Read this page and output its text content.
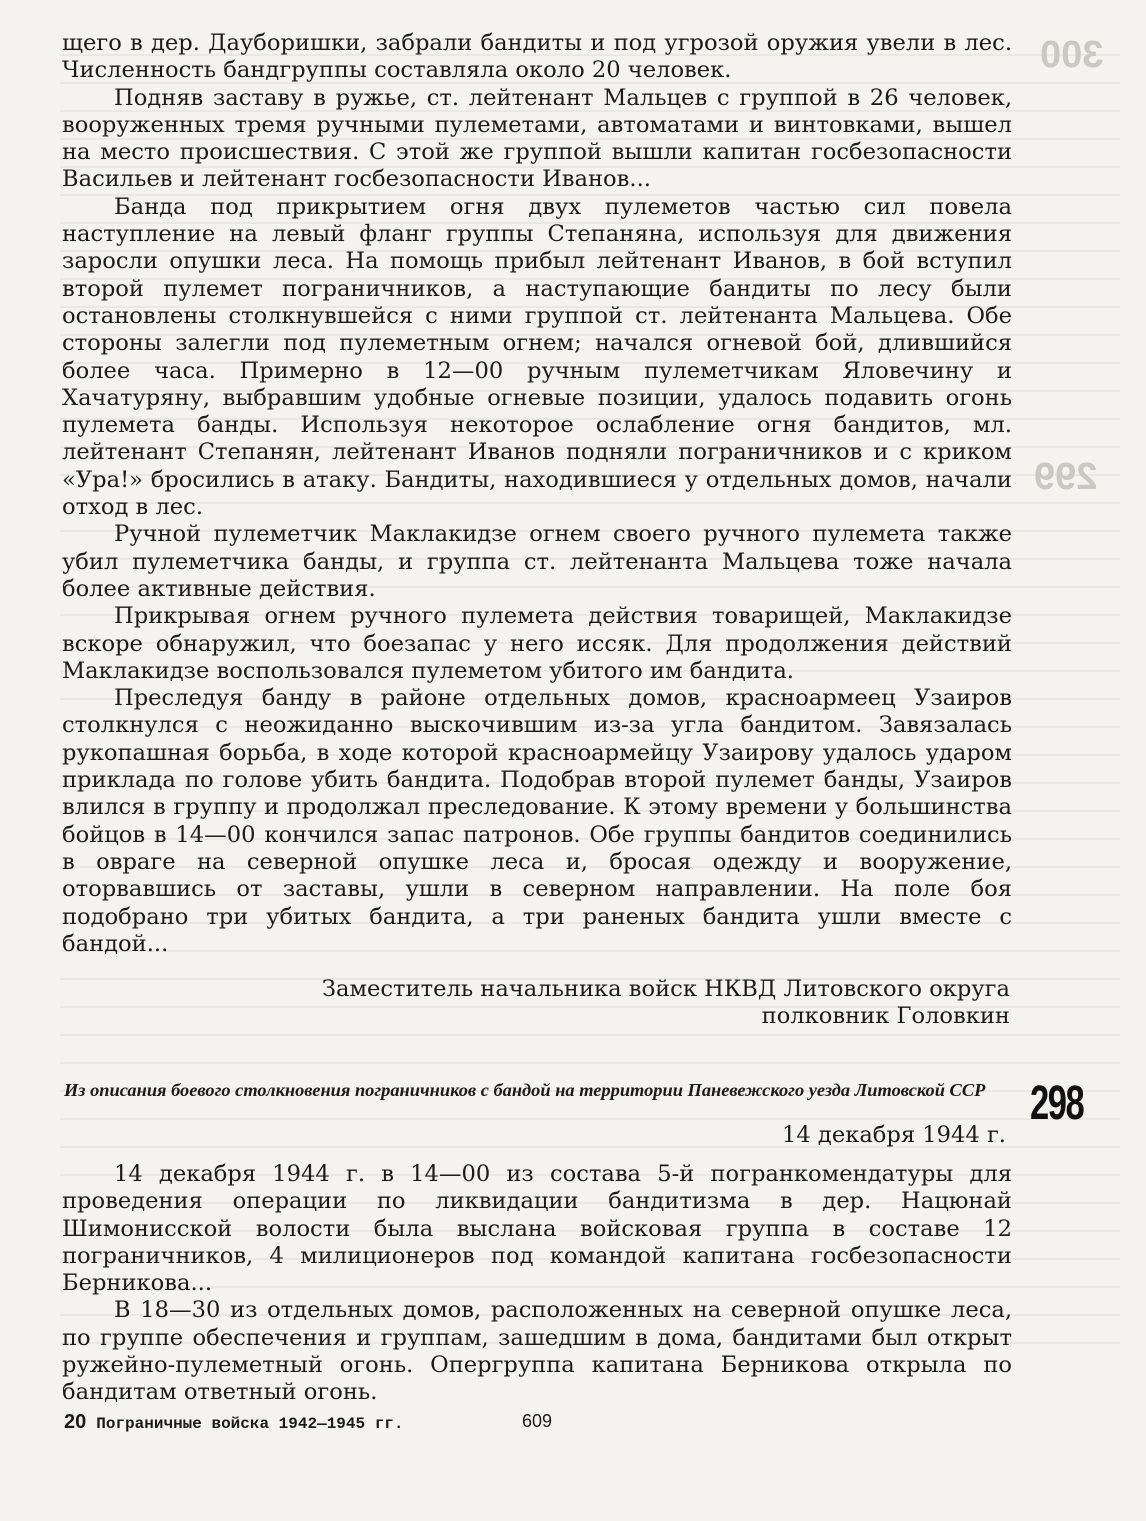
300
299

щего в дер. Дауборишки, забрали бандиты и под угрозой оружия увели в лес. Численность бандгруппы составляла около 20 человек.

Подняв заставу в ружье, ст. лейтенант Мальцев с группой в 26 человек, вооруженных тремя ручными пулеметами, автоматами и винтовками, вышел на место происшествия. С этой же группой вышли капитан госбезопасности Васильев и лейтенант госбезопасности Иванов...

Банда под прикрытием огня двух пулеметов частью сил повела наступление на левый фланг группы Степаняна, используя для движения заросли опушки леса. На помощь прибыл лейтенант Иванов, в бой вступил второй пулемет пограничников, а наступающие бандиты по лесу были остановлены столкнувшейся с ними группой ст. лейтенанта Мальцева. Обе стороны залегли под пулеметным огнем; начался огневой бой, длившийся более часа. Примерно в 12—00 ручным пулеметчикам Яловечину и Хачатуряну, выбравшим удобные огневые позиции, удалось подавить огонь пулемета банды. Используя некоторое ослабление огня бандитов, мл. лейтенант Степанян, лейтенант Иванов подняли пограничников и с криком «Ура!» бросились в атаку. Бандиты, находившиеся у отдельных домов, начали отход в лес.

Ручной пулеметчик Маклакидзе огнем своего ручного пулемета также убил пулеметчика банды, и группа ст. лейтенанта Мальцева тоже начала более активные действия.

Прикрывая огнем ручного пулемета действия товарищей, Маклакидзе вскоре обнаружил, что боезапас у него иссяк. Для продолжения действий Маклакидзе воспользовался пулеметом убитого им бандита.

Преследуя банду в районе отдельных домов, красноармеец Узаиров столкнулся с неожиданно выскочившим из-за угла бандитом. Завязалась рукопашная борьба, в ходе которой красноармейцу Узаирову удалось ударом приклада по голове убить бандита. Подобрав второй пулемет банды, Узаиров влился в группу и продолжал преследование. К этому времени у большинства бойцов в 14—00 кончился запас патронов. Обе группы бандитов соединились в овраге на северной опушке леса и, бросая одежду и вооружение, оторвавшись от заставы, ушли в северном направлении. На поле боя подобрано три убитых бандита, а три раненых бандита ушли вместе с бандой...

Заместитель начальника войск НКВД Литовского округа
полковник Головкин
298
Из описания боевого столкновения пограничников с бандой на территории Паневежского уезда Литовской ССР
14 декабря 1944 г.

14 декабря 1944 г. в 14—00 из состава 5-й погранкомендатуры для проведения операции по ликвидации бандитизма в дер. Нацюнай Шимонисской волости была выслана войсковая группа в составе 12 пограничников, 4 милиционеров под командой капитана госбезопасности Берникова...

В 18—30 из отдельных домов, расположенных на северной опушке леса, по группе обеспечения и группам, зашедшим в дома, бандитами был открыт ружейно-пулеметный огонь. Опергруппа капитана Берникова открыла по бандитам ответный огонь.

20 Пограничные войска 1942—1945 гг.	609
